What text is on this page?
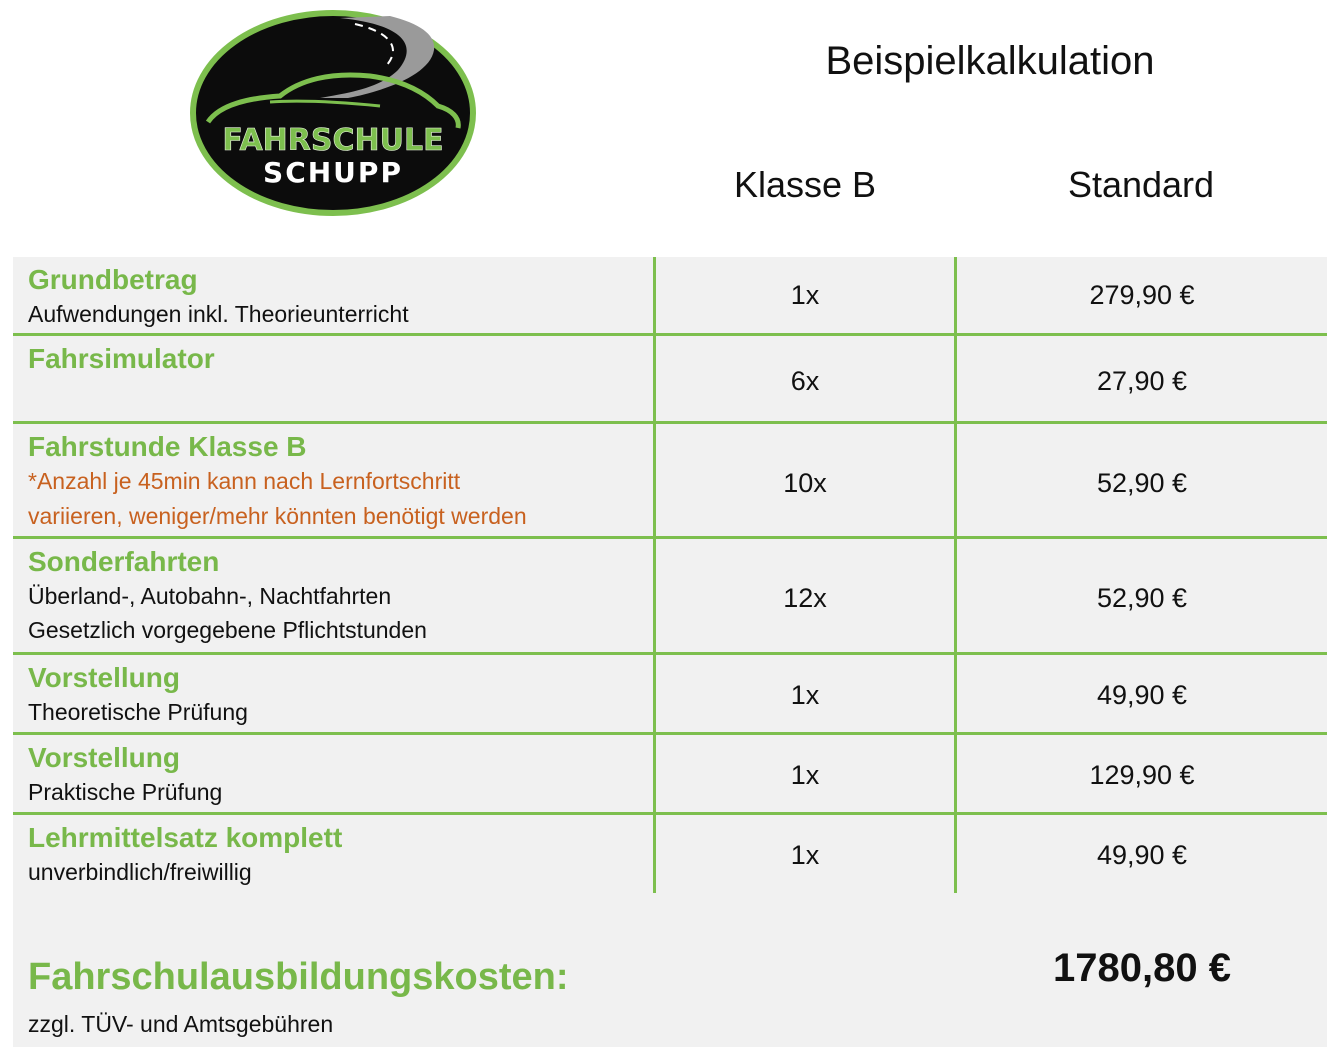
FAHRSCHULE
SCHUPP
Beispielkalkulation
Klasse B	Standard
Grundbetrag
Aufwendungen inkl. Theorieunterricht
1x	279,90 €
Fahrsimulator
6x	27,90 €
Fahrstunde Klasse B
*Anzahl je 45min kann nach Lernfortschritt
variieren, weniger/mehr könnten benötigt werden
10x	52,90 €
Sonderfahrten
Überland-, Autobahn-, Nachtfahrten
Gesetzlich vorgegebene Pflichtstunden
12x	52,90 €
Vorstellung
Theoretische Prüfung
1x	49,90 €
Vorstellung
Praktische Prüfung
1x	129,90 €
Lehrmittelsatz komplett
unverbindlich/freiwillig
1x	49,90 €
Fahrschulausbildungskosten:
zzgl. TÜV- und Amtsgebühren
1780,80 €
